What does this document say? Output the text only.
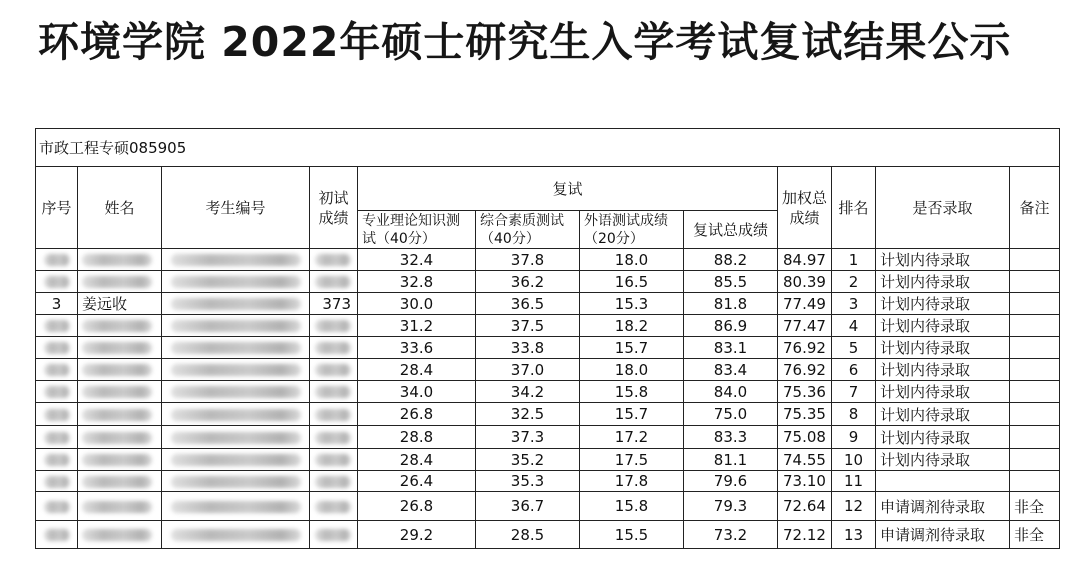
环境学院 2022年硕士研究生入学考试复试结果公示
市政工程专硕085905											
序号	姓名	考生编号	初试成绩	复试				加权总成绩	排名	是否录取	备注
				专业理论知识测试（40分）	综合素质测试（40分）	外语测试成绩（20分）	复试总成绩				
				32.4	37.8	18.0	88.2	84.97	1	计划内待录取	
				32.8	36.2	16.5	85.5	80.39	2	计划内待录取	
3	姜远收		373	30.0	36.5	15.3	81.8	77.49	3	计划内待录取	
				31.2	37.5	18.2	86.9	77.47	4	计划内待录取	
				33.6	33.8	15.7	83.1	76.92	5	计划内待录取	
				28.4	37.0	18.0	83.4	76.92	6	计划内待录取	
				34.0	34.2	15.8	84.0	75.36	7	计划内待录取	
				26.8	32.5	15.7	75.0	75.35	8	计划内待录取	
				28.8	37.3	17.2	83.3	75.08	9	计划内待录取	
				28.4	35.2	17.5	81.1	74.55	10	计划内待录取	
				26.4	35.3	17.8	79.6	73.10	11		
				26.8	36.7	15.8	79.3	72.64	12	申请调剂待录取	非全
				29.2	28.5	15.5	73.2	72.12	13	申请调剂待录取	非全
